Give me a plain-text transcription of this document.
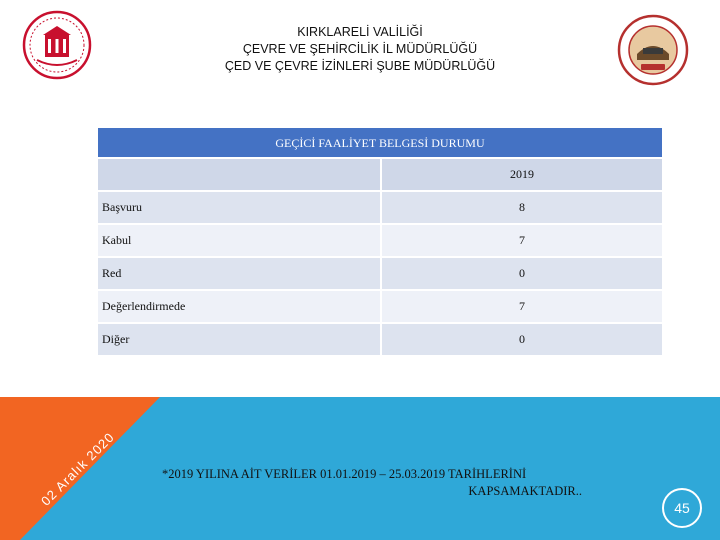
KIRKLARELİ VALİLİĞİ
ÇEVRE VE ŞEHİRCİLİK İL MÜDÜRLÜĞÜ
ÇED VE ÇEVRE İZİNLERİ ŞUBE MÜDÜRLÜĞÜ
GEÇİCİ FAALİYET BELGESİ DURUMU
2019
Başvuru	8
Kabul	7
Red	0
Değerlendirmede	7
Diğer	0
02 Aralık 2020	*2019 YILINA AİT VERİLER 01.01.2019 – 25.03.2019 TARİHLERİNİ
KAPSAMAKTADIR..
45
